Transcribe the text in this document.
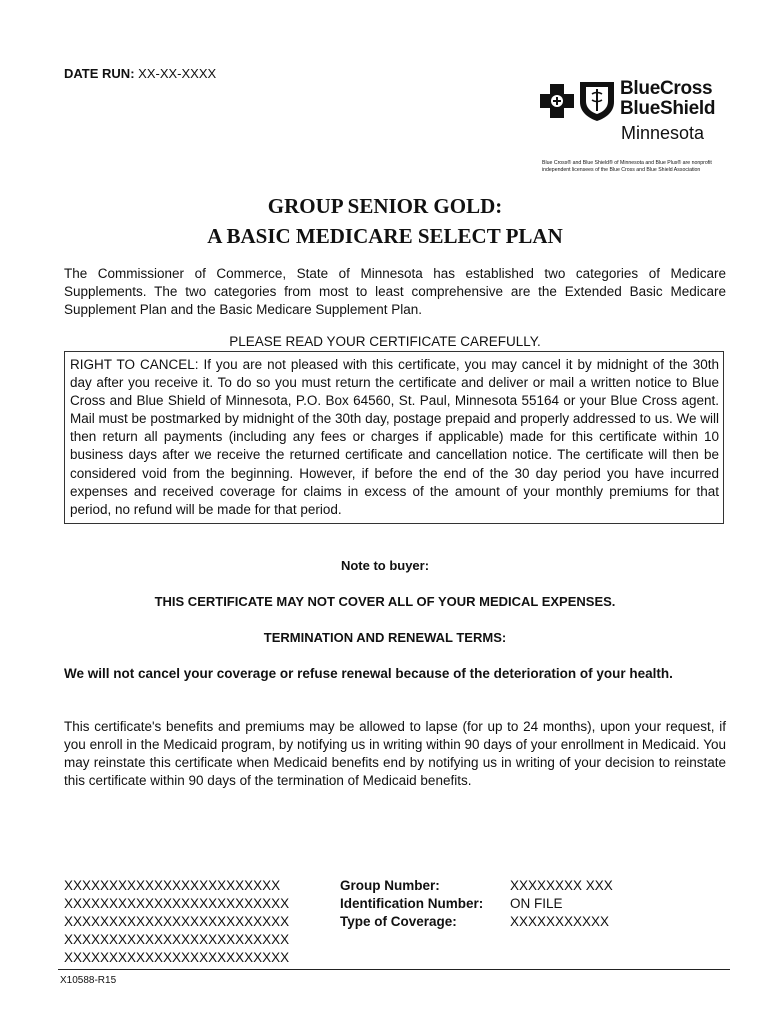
DATE RUN: XX-XX-XXXX
BlueCross
BlueShield
Minnesota
Blue Cross® and Blue Shield® of Minnesota and Blue Plus® are nonprofit independent licensees of the Blue Cross and Blue Shield Association
GROUP SENIOR GOLD:
A BASIC MEDICARE SELECT PLAN

The Commissioner of Commerce, State of Minnesota has established two categories of Medicare Supplements. The two categories from most to least comprehensive are the Extended Basic Medicare Supplement Plan and the Basic Medicare Supplement Plan.

PLEASE READ YOUR CERTIFICATE CAREFULLY.
RIGHT TO CANCEL: If you are not pleased with this certificate, you may cancel it by midnight of the 30th day after you receive it. To do so you must return the certificate and deliver or mail a written notice to Blue Cross and Blue Shield of Minnesota, P.O. Box 64560, St. Paul, Minnesota 55164 or your Blue Cross agent. Mail must be postmarked by midnight of the 30th day, postage prepaid and properly addressed to us. We will then return all payments (including any fees or charges if applicable) made for this certificate within 10 business days after we receive the returned certificate and cancellation notice. The certificate will then be considered void from the beginning. However, if before the end of the 30 day period you have incurred expenses and received coverage for claims in excess of the amount of your monthly premiums for that period, no refund will be made for that period.
Note to buyer:
THIS CERTIFICATE MAY NOT COVER ALL OF YOUR MEDICAL EXPENSES.
TERMINATION AND RENEWAL TERMS:

We will not cancel your coverage or refuse renewal because of the deterioration of your health.

This certificate's benefits and premiums may be allowed to lapse (for up to 24 months), upon your request, if you enroll in the Medicaid program, by notifying us in writing within 90 days of your enrollment in Medicaid. You may reinstate this certificate when Medicaid benefits end by notifying us in writing of your decision to reinstate this certificate within 90 days of the termination of Medicaid benefits.

XXXXXXXXXXXXXXXXXXXXXXXX
XXXXXXXXXXXXXXXXXXXXXXXXX
XXXXXXXXXXXXXXXXXXXXXXXXX
XXXXXXXXXXXXXXXXXXXXXXXXX
XXXXXXXXXXXXXXXXXXXXXXXXX
Group Number:	XXXXXXXX XXX
Identification Number:	ON FILE
Type of Coverage:	XXXXXXXXXXX
X10588-R15
